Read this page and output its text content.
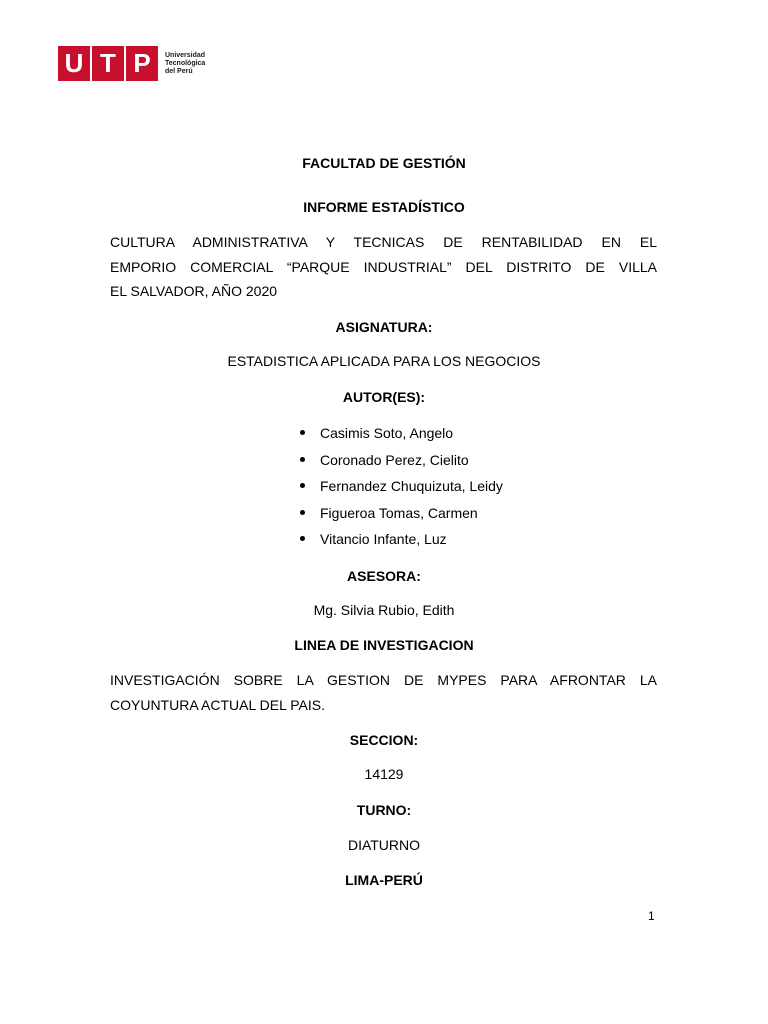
U T P	Universidad
Tecnológica
del Perú
FACULTAD DE GESTIÓN
INFORME ESTADÍSTICO
CULTURA ADMINISTRATIVA Y TECNICAS DE RENTABILIDAD EN EL
EMPORIO COMERCIAL “PARQUE INDUSTRIAL” DEL DISTRITO DE VILLA
EL SALVADOR, AÑO 2020
ASIGNATURA:
ESTADISTICA APLICADA PARA LOS NEGOCIOS
AUTOR(ES):
Casimis Soto, Angelo
Coronado Perez, Cielito
Fernandez Chuquizuta, Leidy
Figueroa Tomas, Carmen
Vitancio Infante, Luz
ASESORA:
Mg. Silvia Rubio, Edith
LINEA DE INVESTIGACION
INVESTIGACIÓN SOBRE LA GESTION DE MYPES PARA AFRONTAR LA
COYUNTURA ACTUAL DEL PAIS.
SECCION:
14129
TURNO:
DIATURNO
LIMA-PERÚ
1
